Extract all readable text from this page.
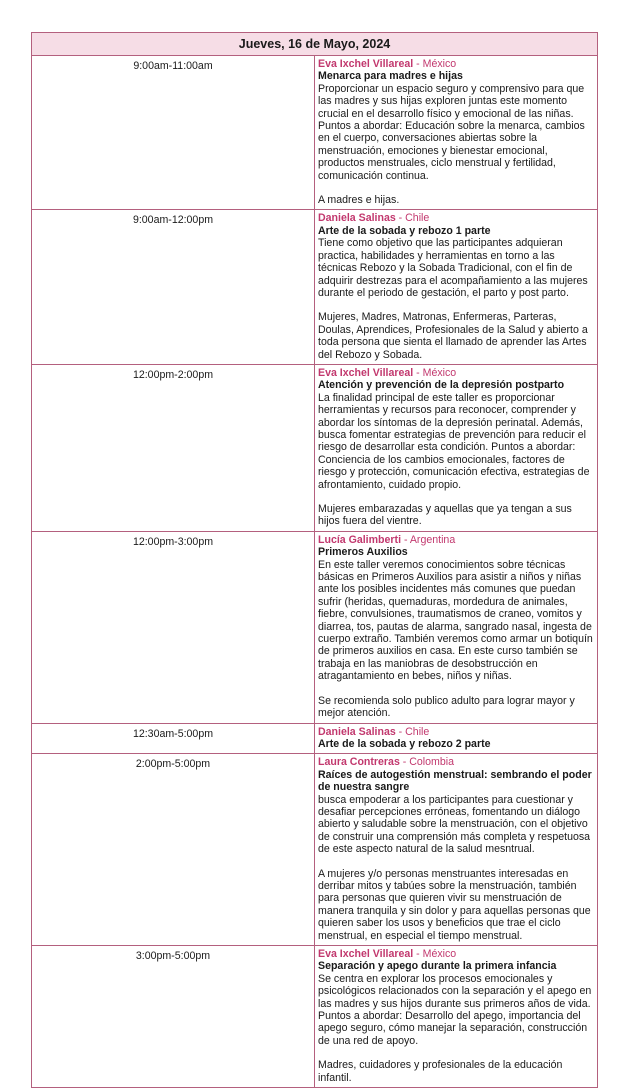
Jueves, 16 de Mayo, 2024	
9:00am-11:00am	Eva Ixchel Villareal - México

Menarca para madres e hijas

Proporcionar un espacio seguro y comprensivo para que las madres y sus hijas exploren juntas este momento crucial en el desarrollo físico y emocional de las niñas. Puntos a abordar: Educación sobre la menarca, cambios en el cuerpo, conversaciones abiertas sobre la menstruación, emociones y bienestar emocional, productos menstruales, ciclo menstrual y fertilidad, comunicación continua.

A madres e hijas.

9:00am-12:00pm	Daniela Salinas - Chile

Arte de la sobada y rebozo 1 parte

Tiene como objetivo que las participantes adquieran practica, habilidades y herramientas en torno a las técnicas Rebozo y la Sobada Tradicional, con el fin de adquirir destrezas para el acompañamiento a las mujeres durante el periodo de gestación, el parto y post parto.

Mujeres, Madres, Matronas, Enfermeras, Parteras, Doulas, Aprendices, Profesionales de la Salud y abierto a toda persona que sienta el llamado de aprender las Artes del Rebozo y Sobada.

12:00pm-2:00pm	Eva Ixchel Villareal - México

Atención y prevención de la depresión postparto

La finalidad principal de este taller es proporcionar herramientas y recursos para reconocer, comprender y abordar los síntomas de la depresión perinatal. Además, busca fomentar estrategias de prevención para reducir el riesgo de desarrollar esta condición. Puntos a abordar: Conciencia de los cambios emocionales, factores de riesgo y protección, comunicación efectiva, estrategias de afrontamiento, cuidado propio.

Mujeres embarazadas y aquellas que ya tengan a sus hijos fuera del vientre.

12:00pm-3:00pm	Lucía Galimberti - Argentina

Primeros Auxilios

En este taller veremos conocimientos sobre técnicas básicas en Primeros Auxilios para asistir a niños y niñas ante los posibles incidentes más comunes que puedan sufrir (heridas, quemaduras, mordedura de animales, fiebre, convulsiones, traumatismos de craneo, vomitos y diarrea, tos, pautas de alarma, sangrado nasal, ingesta de cuerpo extraño. También veremos como armar un botiquín de primeros auxilios en casa. En este curso también se trabaja en las maniobras de desobstrucción en atragantamiento en bebes, niños y niñas.

Se recomienda solo publico adulto para lograr mayor y mejor atención.

12:30am-5:00pm	Daniela Salinas - Chile

Arte de la sobada y rebozo 2 parte

2:00pm-5:00pm	Laura Contreras - Colombia

Raíces de autogestión menstrual: sembrando el poder de nuestra sangre

busca empoderar a los participantes para cuestionar y desafiar percepciones erróneas, fomentando un diálogo abierto y saludable sobre la menstruación, con el objetivo de construir una comprensión más completa y respetuosa de este aspecto natural de la salud mesntrual.

A mujeres y/o personas menstruantes interesadas en derribar mitos y tabúes sobre la menstruación, también para personas que quieren vivir su menstruación de manera tranquila y sin dolor y para aquellas personas que quieren saber los usos y beneficios que trae el ciclo menstrual, en especial el tiempo menstrual.

3:00pm-5:00pm	Eva Ixchel Villareal - México

Separación y apego durante la primera infancia

Se centra en explorar los procesos emocionales y psicológicos relacionados con la separación y el apego en las madres y sus hijos durante sus primeros años de vida. Puntos a abordar: Desarrollo del apego, importancia del apego seguro, cómo manejar la separación, construcción de una red de apoyo.

Madres, cuidadores y profesionales de la educación infantil.
